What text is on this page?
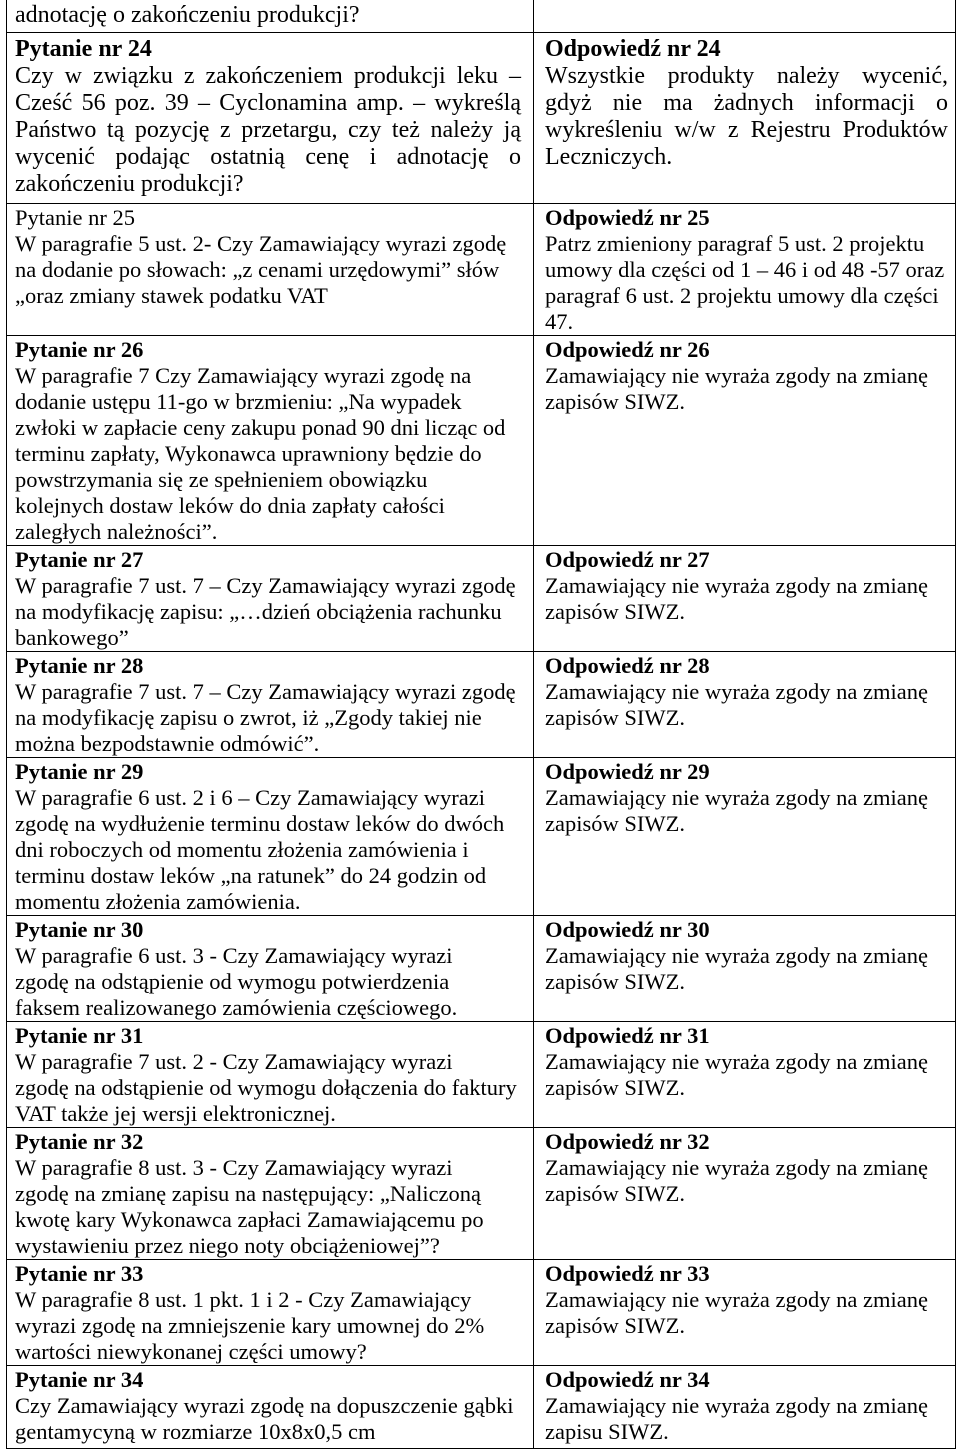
adnotację o zakończeniu produkcji?
Pytanie nr 24
Czy w związku z zakończeniem produkcji leku –
Cześć 56 poz. 39 – Cyclonamina amp. – wykreślą
Państwo tą pozycję z przetargu, czy też należy ją
wycenić podając ostatnią cenę i adnotację o
zakończeniu produkcji?
Odpowiedź nr 24
Wszystkie produkty należy wycenić,
gdyż nie ma żadnych informacji o
wykreśleniu w/w z Rejestru Produktów
Leczniczych.
Pytanie nr 25
W paragrafie 5 ust. 2- Czy Zamawiający wyrazi zgodę
na dodanie po słowach: „z cenami urzędowymi” słów
„oraz zmiany stawek podatku VAT
Odpowiedź nr 25
Patrz zmieniony paragraf 5 ust. 2 projektu
umowy dla części od 1 – 46 i od 48 -57 oraz
paragraf 6 ust. 2 projektu umowy dla części
47.
Pytanie nr 26
W paragrafie 7 Czy Zamawiający wyrazi zgodę na
dodanie ustępu 11-go w brzmieniu: „Na wypadek
zwłoki w zapłacie ceny zakupu ponad 90 dni licząc od
terminu zapłaty, Wykonawca uprawniony będzie do
powstrzymania się ze spełnieniem obowiązku
kolejnych dostaw leków do dnia zapłaty całości
zaległych należności”.
Odpowiedź nr 26
Zamawiający nie wyraża zgody na zmianę
zapisów SIWZ.
Pytanie nr 27
W paragrafie 7 ust. 7 – Czy Zamawiający wyrazi zgodę
na modyfikację zapisu: „…dzień obciążenia rachunku
bankowego”
Odpowiedź nr 27
Zamawiający nie wyraża zgody na zmianę
zapisów SIWZ.
Pytanie nr 28
W paragrafie 7 ust. 7 – Czy Zamawiający wyrazi zgodę
na modyfikację zapisu o zwrot, iż „Zgody takiej nie
można bezpodstawnie odmówić”.
Odpowiedź nr 28
Zamawiający nie wyraża zgody na zmianę
zapisów SIWZ.
Pytanie nr 29
W paragrafie 6 ust. 2 i 6 – Czy Zamawiający wyrazi
zgodę na wydłużenie terminu dostaw leków do dwóch
dni roboczych od momentu złożenia zamówienia i
terminu dostaw leków „na ratunek” do 24 godzin od
momentu złożenia zamówienia.
Odpowiedź nr 29
Zamawiający nie wyraża zgody na zmianę
zapisów SIWZ.
Pytanie nr 30
W paragrafie 6 ust. 3 - Czy Zamawiający wyrazi
zgodę na odstąpienie od wymogu potwierdzenia
faksem realizowanego zamówienia częściowego.
Odpowiedź nr 30
Zamawiający nie wyraża zgody na zmianę
zapisów SIWZ.
Pytanie nr 31
W paragrafie 7 ust. 2 - Czy Zamawiający wyrazi
zgodę na odstąpienie od wymogu dołączenia do faktury
VAT także jej wersji elektronicznej.
Odpowiedź nr 31
Zamawiający nie wyraża zgody na zmianę
zapisów SIWZ.
Pytanie nr 32
W paragrafie 8 ust. 3 - Czy Zamawiający wyrazi
zgodę na zmianę zapisu na następujący: „Naliczoną
kwotę kary Wykonawca zapłaci Zamawiającemu po
wystawieniu przez niego noty obciążeniowej”?
Odpowiedź nr 32
Zamawiający nie wyraża zgody na zmianę
zapisów SIWZ.
Pytanie nr 33
W paragrafie 8 ust. 1 pkt. 1 i 2 - Czy Zamawiający
wyrazi zgodę na zmniejszenie kary umownej do 2%
wartości niewykonanej części umowy?
Odpowiedź nr 33
Zamawiający nie wyraża zgody na zmianę
zapisów SIWZ.
Pytanie nr 34
Czy Zamawiający wyrazi zgodę na dopuszczenie gąbki
gentamycyną w rozmiarze 10x8x0,5 cm
Odpowiedź nr 34
Zamawiający nie wyraża zgody na zmianę
zapisu SIWZ.
